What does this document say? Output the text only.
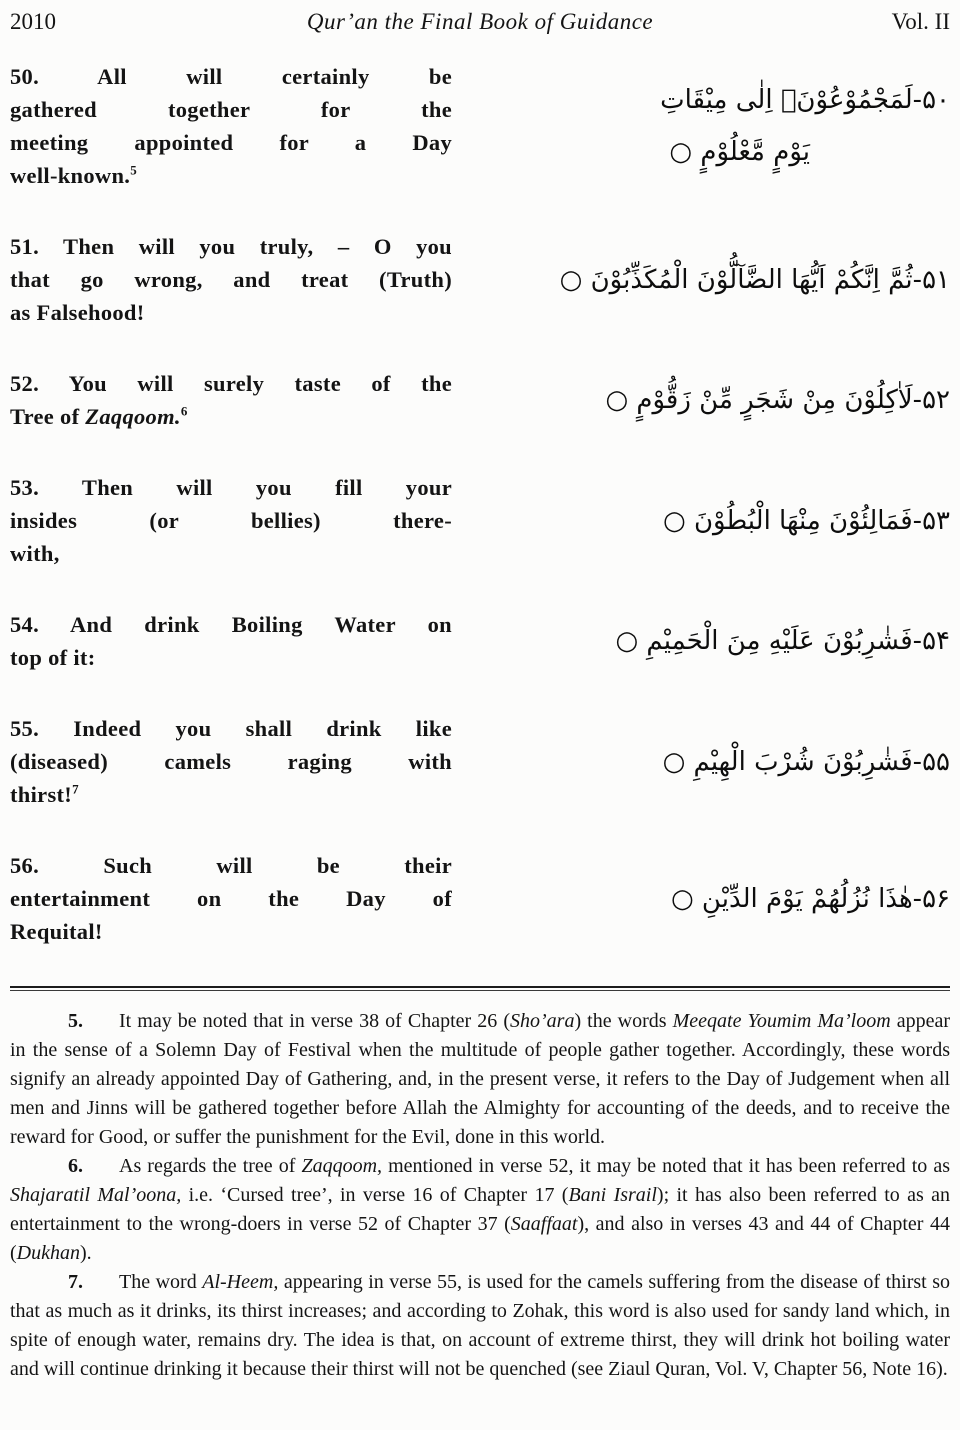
2010	Qur’an the Final Book of Guidance	Vol. II
50. All will certainly be
gathered together for the
meeting appointed for a Day
well-known.$^5$
۵۰-لَمَجْمُوْعُوْنَۙ اِلٰى مِيْقَاتِ
يَوْمٍ مَّعْلُوْمٍ ○
51. Then will you truly, – O you
that go wrong, and treat (Truth)
as Falsehood!
۵۱-ثُمَّ اِنَّكُمْ اَيُّهَا الضَّآلُّوْنَ الْمُكَذِّبُوْنَ ○
52. You will surely taste of the
Tree of Zaqqoom.$^6$	۵۲-لَاٰكِلُوْنَ مِنْ شَجَرٍ مِّنْ زَقُّوْمٍ ○
53. Then will you fill your
insides (or bellies) there-
with,
۵۳-فَمَالِئُوْنَ مِنْهَا الْبُطُوْنَ ○
54. And drink Boiling Water on
top of it:
۵۴-فَشٰرِبُوْنَ عَلَيْهِ مِنَ الْحَمِيْمِ ○
55. Indeed you shall drink like
(diseased) camels raging with
thirst!$^7$
۵۵-فَشٰرِبُوْنَ شُرْبَ الْهِيْمِ ○
56. Such will be their
entertainment on the Day of
Requital!
۵۶-هٰذَا نُزُلُهُمْ يَوْمَ الدِّيْنِ ○

5. It may be noted that in verse 38 of Chapter 26 (Sho’ara) the words Meeqate Youmim Ma’loom appear in the sense of a Solemn Day of Festival when the multitude of people gather together. Accordingly, these words signify an already appointed Day of Gathering, and, in the present verse, it refers to the Day of Judgement when all men and Jinns will be gathered together before Allah the Almighty for accounting of the deeds, and to receive the reward for Good, or suffer the punishment for the Evil, done in this world.

6. As regards the tree of Zaqqoom, mentioned in verse 52, it may be noted that it has been referred to as Shajaratil Mal’oona, i.e. ‘Cursed tree’, in verse 16 of Chapter 17 (Bani Israil); it has also been referred to as an entertainment to the wrong-doers in verse 52 of Chapter 37 (Saaffaat), and also in verses 43 and 44 of Chapter 44 (Dukhan).

7. The word Al-Heem, appearing in verse 55, is used for the camels suffering from the disease of thirst so that as much as it drinks, its thirst increases; and according to Zohak, this word is also used for sandy land which, in spite of enough water, remains dry. The idea is that, on account of extreme thirst, they will drink hot boiling water and will continue drinking it because their thirst will not be quenched (see Ziaul Quran, Vol. V, Chapter 56, Note 16).
